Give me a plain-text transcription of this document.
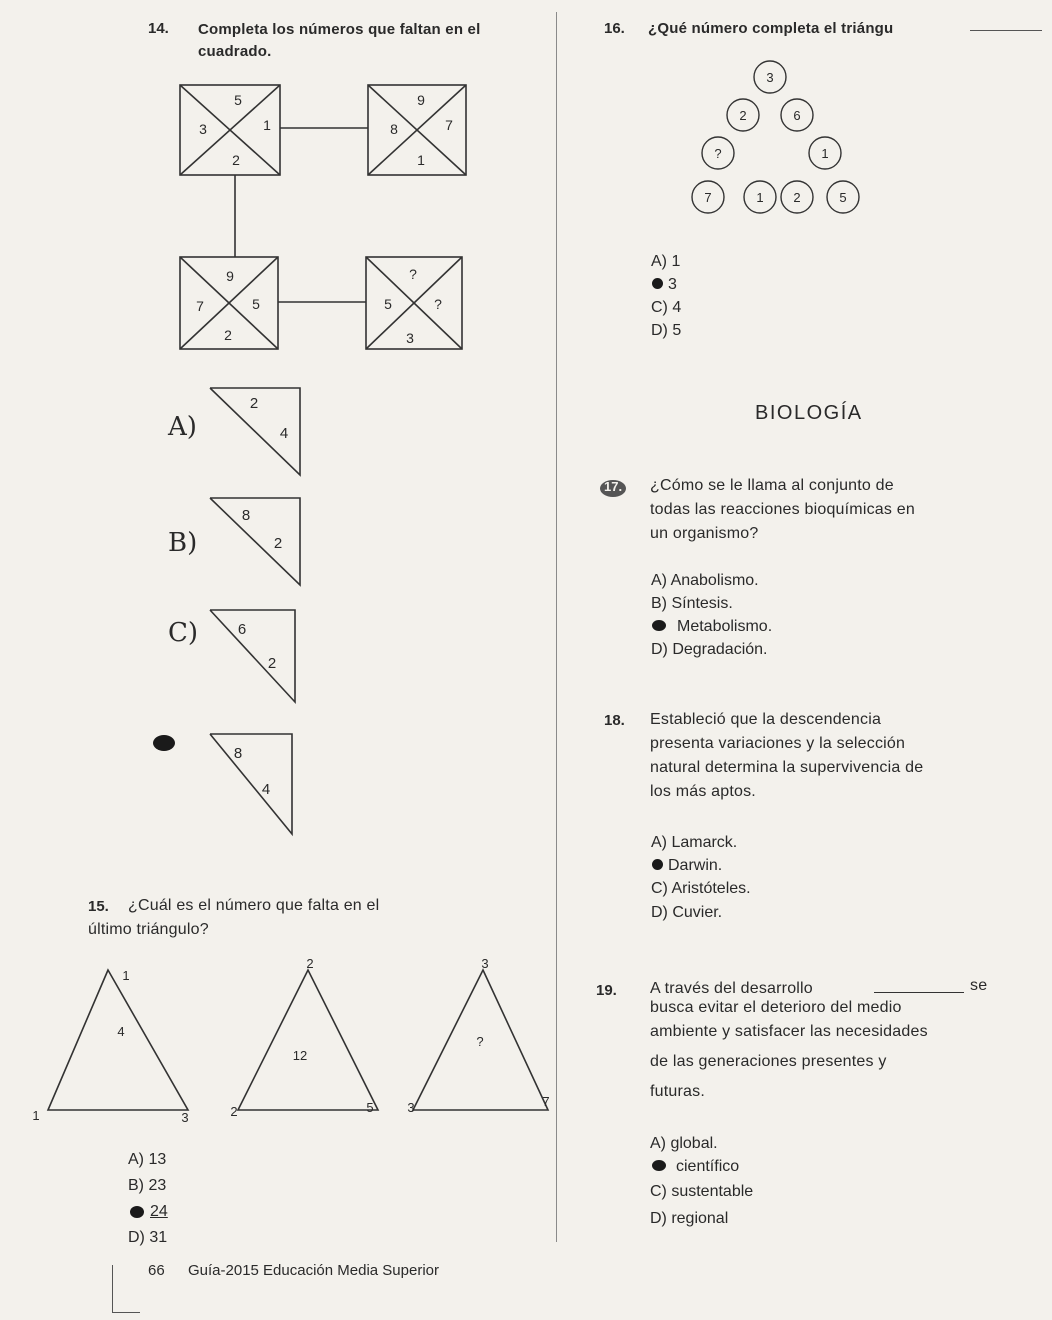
14. Completa los números que faltan en el
cuadrado.
5
3	1
2
9
8	7
1
9
7	5
2
?
5	?
3
A)
2
4
B)
8
2
C)	6
2
8
4
15. ¿Cuál es el número que falta en el
último triángulo?
1
4
1	3
2
12
2	5
3
?
3	7
A) 13
B) 23
24
D) 31
66 Guía-2015 Educación Media Superior
16. ¿Qué número completa el triángu
3
2	6
?	1
7	1 2	5
A) 1
3
C) 4
D) 5
BIOLOGÍA
17. ¿Cómo se le llama al conjunto de
todas las reacciones bioquímicas en
un organismo?
A) Anabolismo.
B) Síntesis.
Metabolismo.
D) Degradación.
18. Estableció que la descendencia
presenta variaciones y la selección
natural determina la supervivencia de
los más aptos.
A) Lamarck.
Darwin.
C) Aristóteles.
D) Cuvier.
19. A través del desarrollo	se
busca evitar el deterioro del medio
ambiente y satisfacer las necesidades
de las generaciones presentes y
futuras.
A) global.
científico
C) sustentable
D) regional
